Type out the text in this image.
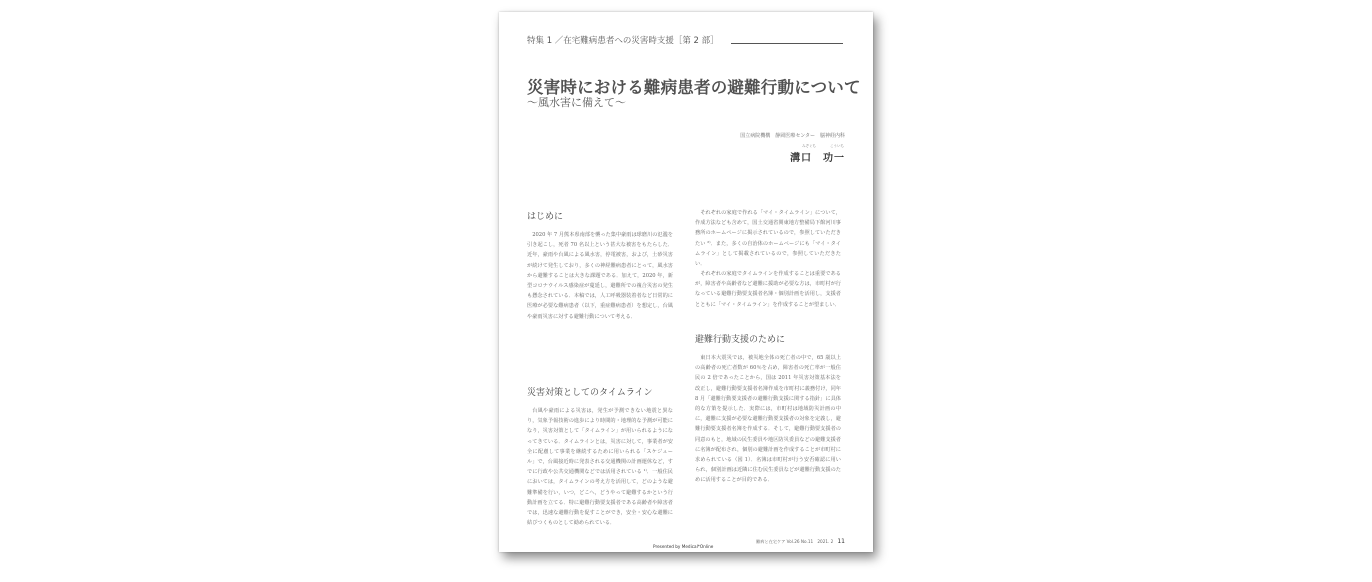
特集 1 ／在宅難病患者への災害時支援［第 2 部］
災害時における難病患者の避難行動について
〜風水害に備えて〜
国立病院機構　静岡医療センター　脳神経内科
みぞぐち	こういち
溝口　功一
はじめに

2020 年 7 月熊本県南部を襲った集中豪雨は球磨川の氾濫を引き起こし，死者 70 名以上という甚大な被害をもたらした．近年，豪雨や台風による風水害，停電被害，および，土砂災害が続けて発生しており，多くの神経難病患者にとって，風水害から避難することは大きな課題である．加えて，2020 年，新型コロナウイルス感染症が蔓延し，避難所での複合災害の発生も懸念されている．本稿では，人工呼吸器装着者など日常的に医療が必要な難病患者（以下，重症難病患者）を想定し，台風や豪雨災害に対する避難行動について考える．

災害対策としてのタイムライン

台風や豪雨による災害は，発生が予測できない地震と異なり，気象予報技術の進歩により時間的・地理的な予測が可能になり，災害対策として「タイムライン」が用いられるようになってきている．タイムラインとは，災害に対して，事業者が安全に配慮して事業を継続するために用いられる「スケジュール」で，台風接近時に発表される交通機関の計画運休など，すでに行政や公共交通機関などでは活用されている ¹⁾．一般住民においては，タイムラインの考え方を活用して，どのような避難準備を行い，いつ，どこへ，どうやって避難するかという行動計画を立てる．特に避難行動要支援者である高齢者や障害者では，迅速な避難行動を促すことができ，安全・安心な避難に結びつくものとして勧められている．

それぞれの家庭で作れる「マイ・タイムライン」について，作成方法なども含めて，国土交通省関東地方整備局下館河川事務所のホームページに掲示されているので，参照していただきたい ²⁾．また，多くの自治体のホームページにも「マイ・タイムライン」として掲載されているので，参照していただきたい．

それぞれの家庭でタイムラインを作成することは重要であるが，障害者や高齢者など避難に援助が必要な方は，市町村が行なっている避難行動要支援者名簿・個別計画を活用し，支援者とともに「マイ・タイムライン」を作成することが望ましい．

避難行動支援のために

東日本大震災では，被災地全体の死亡者の中で，65 歳以上の高齢者の死亡者数が 60％を占め，障害者の死亡率が一般住民の 2 倍であったことから，国は 2011 年災害対策基本法を改正し，避難行動要支援者名簿作成を市町村に義務付け，同年 8 月「避難行動要支援者の避難行動支援に関する指針」に具体的な方策を提示した．実際には，市町村は地域防災計画の中に，避難に支援が必要な避難行動要支援者の対象を定義し，避難行動要支援者名簿を作成する．そして，避難行動要支援者の同意のもと，地域の民生委員や地区防災委員などの避難支援者に名簿が配布され，個別の避難計画を作成することが市町村に求められている（図 1）．名簿は市町村が行う安否確認に用いられ，個別計画は近隣に住む民生委員などが避難行動支援のために活用することが目的である．

Presented by Medical*Online
難病と在宅ケア Vol.26 No.11　2021. 2 11
